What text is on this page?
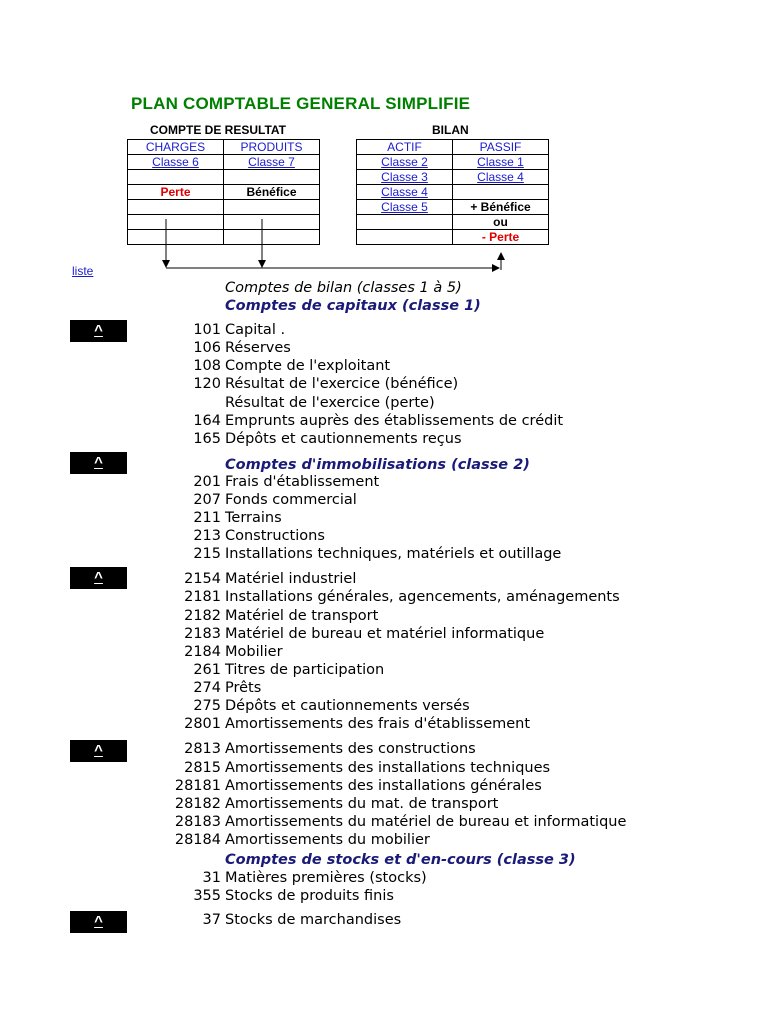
PLAN COMPTABLE GENERAL SIMPLIFIE
COMPTE DE RESULTAT
CHARGES	PRODUITS
Classe 6	Classe 7

Perte	Bénéfice

BILAN
ACTIF	PASSIF
Classe 2	Classe 1
Classe 3	Classe 4
Classe 4	
Classe 5	+ Bénéfice
	ou
	- Perte
liste
Comptes de bilan (classes 1 à 5)
Comptes de capitaux (classe 1)
Comptes d'immobilisations (classe 2)
Comptes de stocks et d'en-cours (classe 3)
^
^
^
^
^
101 Capital .
106 Réserves
108 Compte de l'exploitant
120 Résultat de l'exercice (bénéfice)
Résultat de l'exercice (perte)
164 Emprunts auprès des établissements de crédit
165 Dépôts et cautionnements reçus
201 Frais d'établissement
207 Fonds commercial
211 Terrains
213 Constructions
215 Installations techniques, matériels et outillage
2154 Matériel industriel
2181 Installations générales, agencements, aménagements
2182 Matériel de transport
2183 Matériel de bureau et matériel informatique
2184 Mobilier
261 Titres de participation
274 Prêts
275 Dépôts et cautionnements versés
2801 Amortissements des frais d'établissement
2813 Amortissements des constructions
2815 Amortissements des installations techniques
28181 Amortissements des installations générales
28182 Amortissements du mat. de transport
28183 Amortissements du matériel de bureau et informatique
28184 Amortissements du mobilier
31 Matières premières (stocks)
355 Stocks de produits finis
37 Stocks de marchandises
